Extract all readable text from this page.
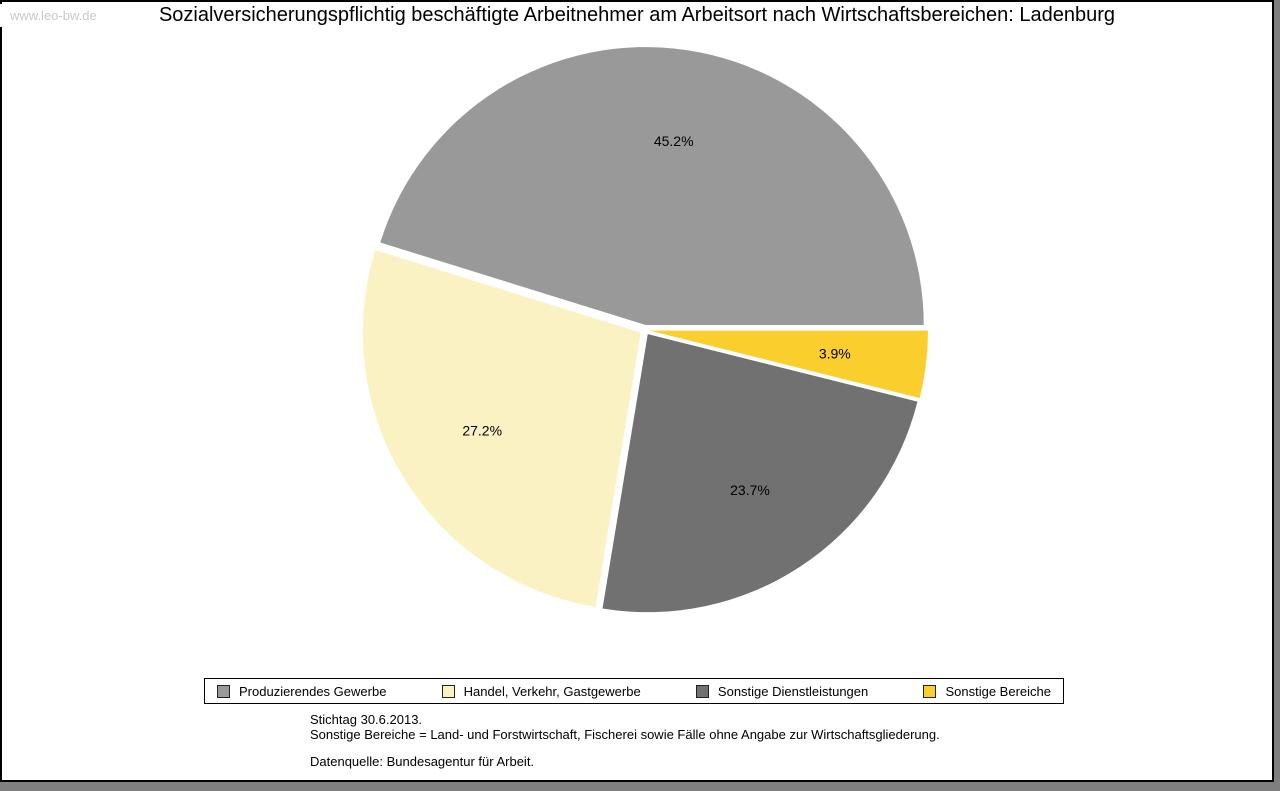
Sozialversicherungspflichtig beschäftigte Arbeitnehmer am Arbeitsort nach Wirtschaftsbereichen: Ladenburg
www.leo-bw.de
45.2%
27.2%
23.7%
3.9%
Produzierendes Gewerbe	Handel, Verkehr, Gastgewerbe	Sonstige Dienstleistungen	Sonstige Bereiche
Stichtag 30.6.2013.
Sonstige Bereiche = Land- und Forstwirtschaft, Fischerei sowie Fälle ohne Angabe zur Wirtschaftsgliederung.
Datenquelle: Bundesagentur für Arbeit.
